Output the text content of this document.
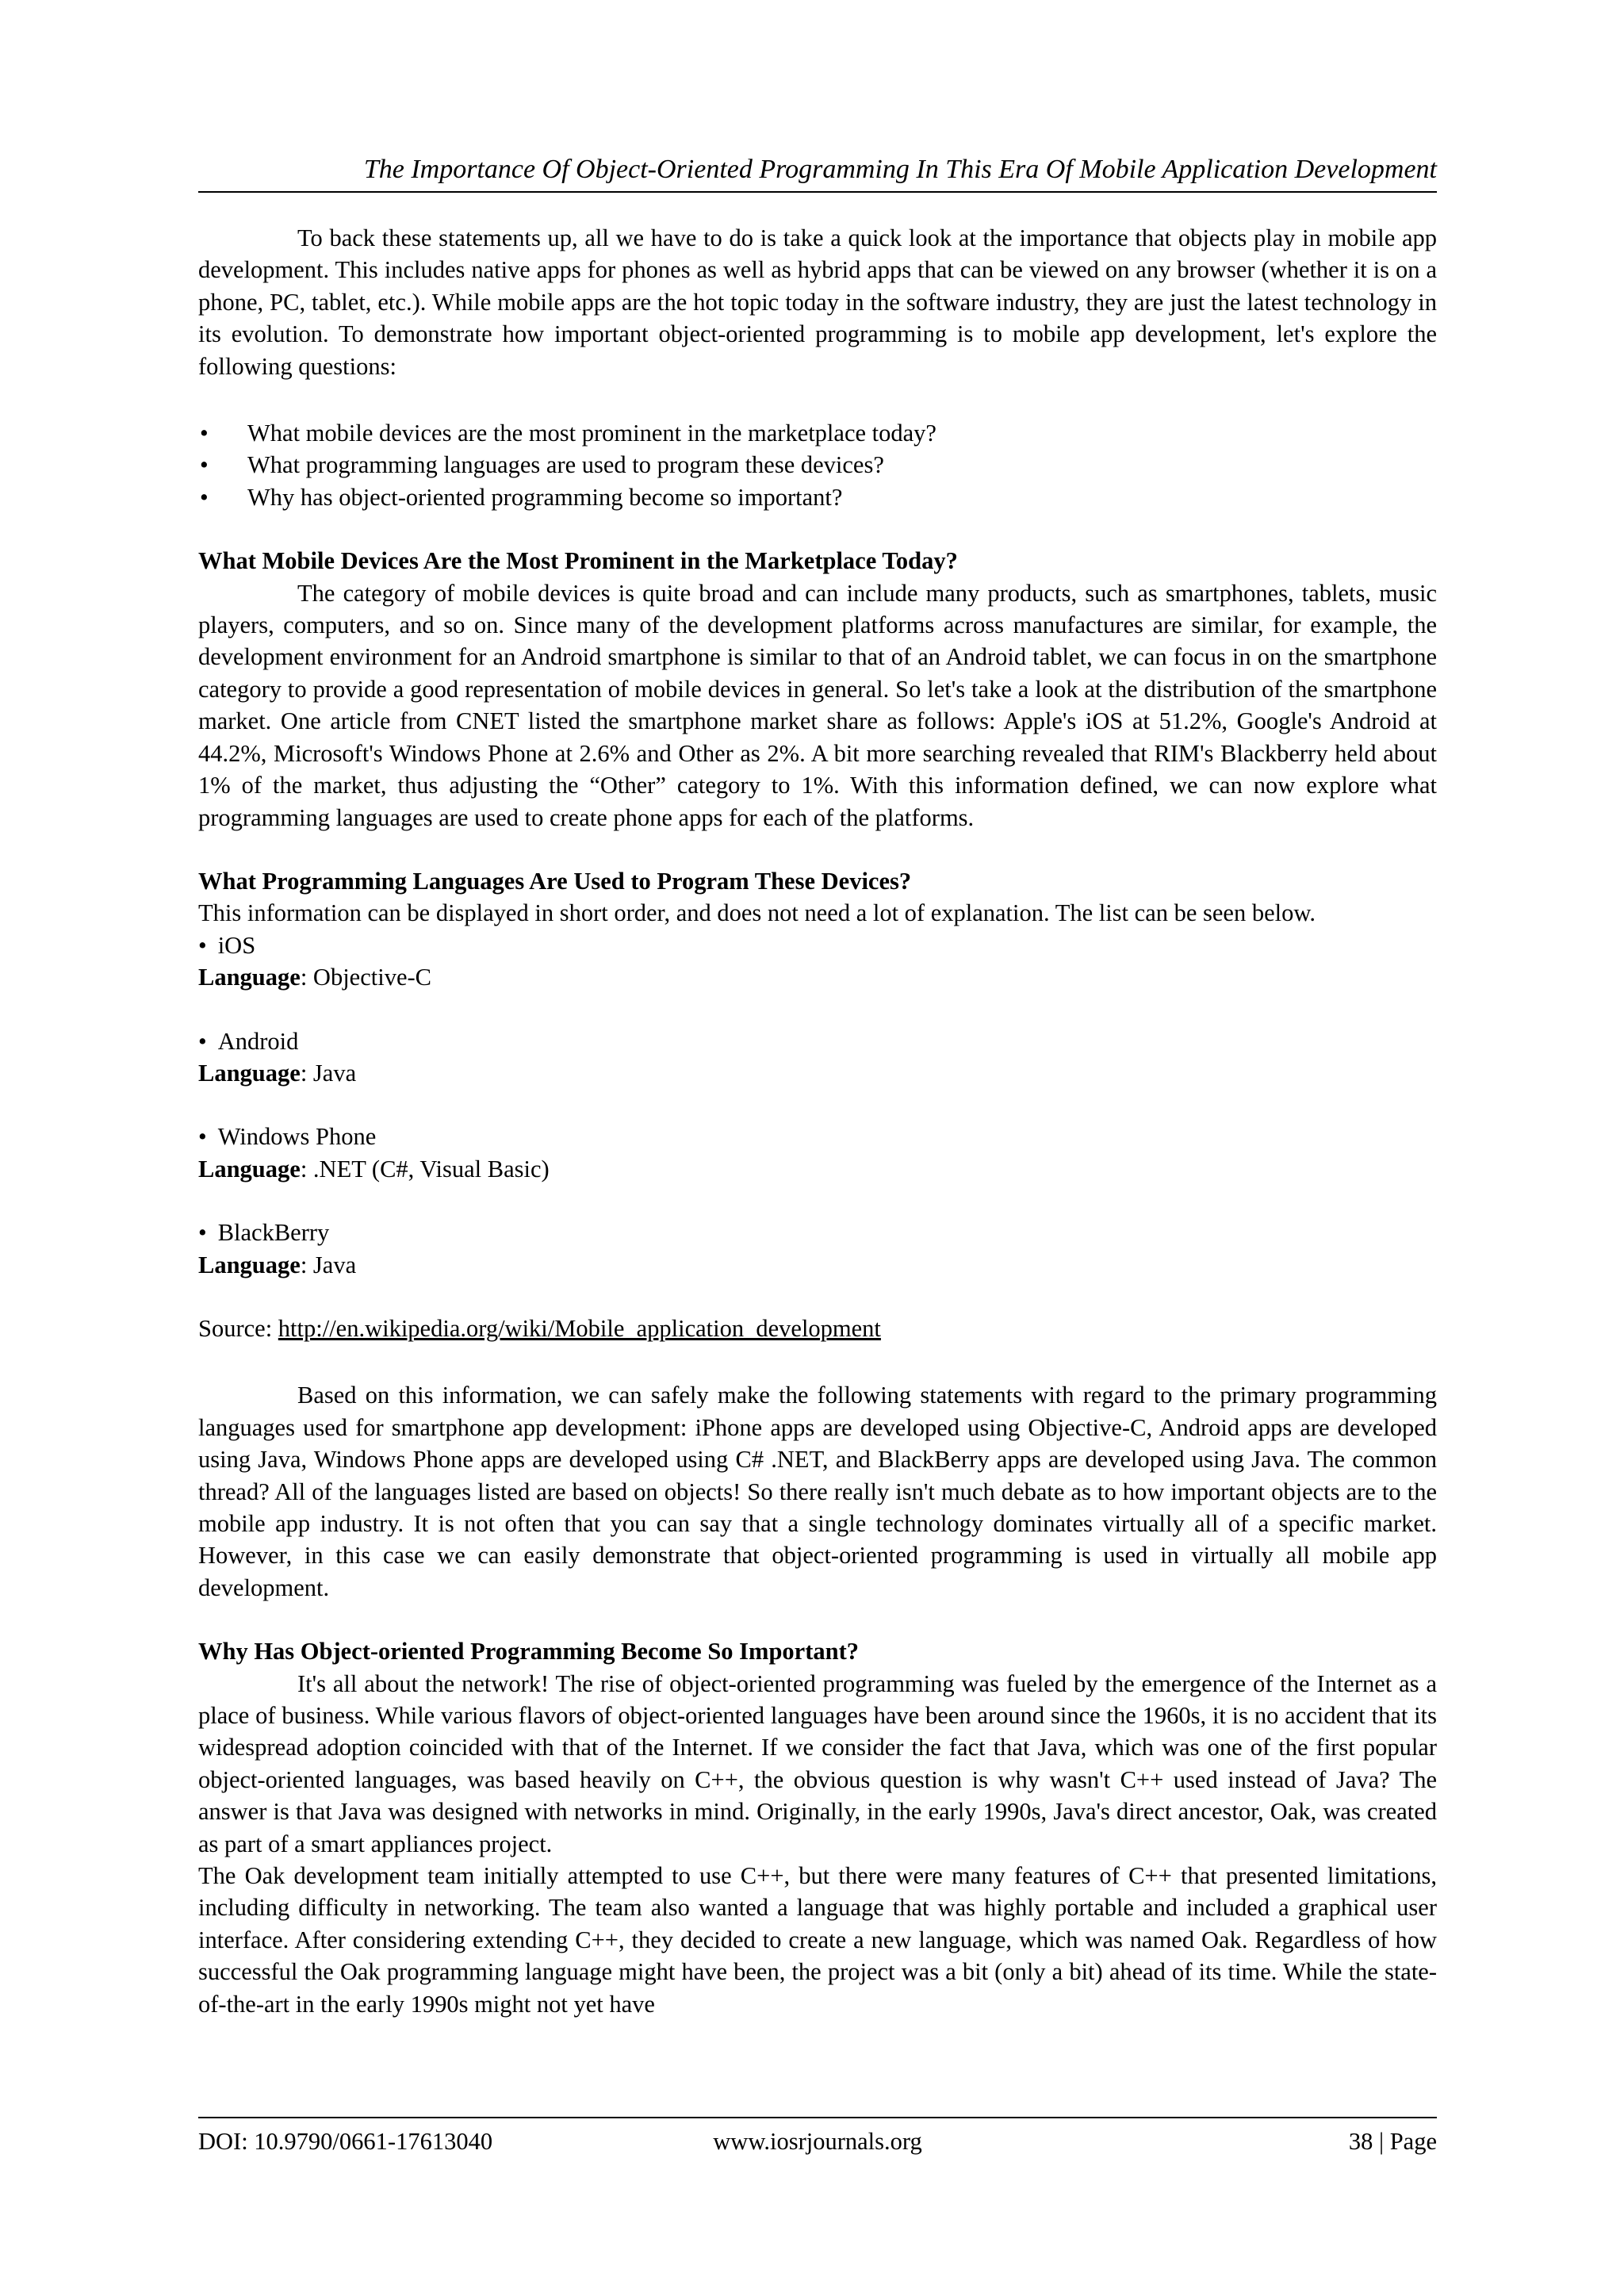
The Importance Of Object-Oriented Programming In This Era Of Mobile Application Development

To back these statements up, all we have to do is take a quick look at the importance that objects play in mobile app development. This includes native apps for phones as well as hybrid apps that can be viewed on any browser (whether it is on a phone, PC, tablet, etc.). While mobile apps are the hot topic today in the software industry, they are just the latest technology in its evolution. To demonstrate how important object-oriented programming is to mobile app development, let's explore the following questions:

• What mobile devices are the most prominent in the marketplace today?
• What programming languages are used to program these devices?
• Why has object-oriented programming become so important?
What Mobile Devices Are the Most Prominent in the Marketplace Today?

The category of mobile devices is quite broad and can include many products, such as smartphones, tablets, music players, computers, and so on. Since many of the development platforms across manufactures are similar, for example, the development environment for an Android smartphone is similar to that of an Android tablet, we can focus in on the smartphone category to provide a good representation of mobile devices in general. So let's take a look at the distribution of the smartphone market. One article from CNET listed the smartphone market share as follows: Apple's iOS at 51.2%, Google's Android at 44.2%, Microsoft's Windows Phone at 2.6% and Other as 2%. A bit more searching revealed that RIM's Blackberry held about 1% of the market, thus adjusting the “Other” category to 1%. With this information defined, we can now explore what programming languages are used to create phone apps for each of the platforms.

What Programming Languages Are Used to Program These Devices?

This information can be displayed in short order, and does not need a lot of explanation. The list can be seen below.

• iOS
Language: Objective-C
• Android
Language: Java
• Windows Phone
Language: .NET (C#, Visual Basic)
• BlackBerry
Language: Java

Source: http://en.wikipedia.org/wiki/Mobile_application_development

Based on this information, we can safely make the following statements with regard to the primary programming languages used for smartphone app development: iPhone apps are developed using Objective-C, Android apps are developed using Java, Windows Phone apps are developed using C# .NET, and BlackBerry apps are developed using Java. The common thread? All of the languages listed are based on objects! So there really isn't much debate as to how important objects are to the mobile app industry. It is not often that you can say that a single technology dominates virtually all of a specific market. However, in this case we can easily demonstrate that object-oriented programming is used in virtually all mobile app development.

Why Has Object-oriented Programming Become So Important?

It's all about the network! The rise of object-oriented programming was fueled by the emergence of the Internet as a place of business. While various flavors of object-oriented languages have been around since the 1960s, it is no accident that its widespread adoption coincided with that of the Internet. If we consider the fact that Java, which was one of the first popular object-oriented languages, was based heavily on C++, the obvious question is why wasn't C++ used instead of Java? The answer is that Java was designed with networks in mind. Originally, in the early 1990s, Java's direct ancestor, Oak, was created as part of a smart appliances project.

The Oak development team initially attempted to use C++, but there were many features of C++ that presented limitations, including difficulty in networking. The team also wanted a language that was highly portable and included a graphical user interface. After considering extending C++, they decided to create a new language, which was named Oak. Regardless of how successful the Oak programming language might have been, the project was a bit (only a bit) ahead of its time. While the state-of-the-art in the early 1990s might not yet have

www.iosrjournals.org
DOI: 10.9790/0661-17613040	38 | Page
